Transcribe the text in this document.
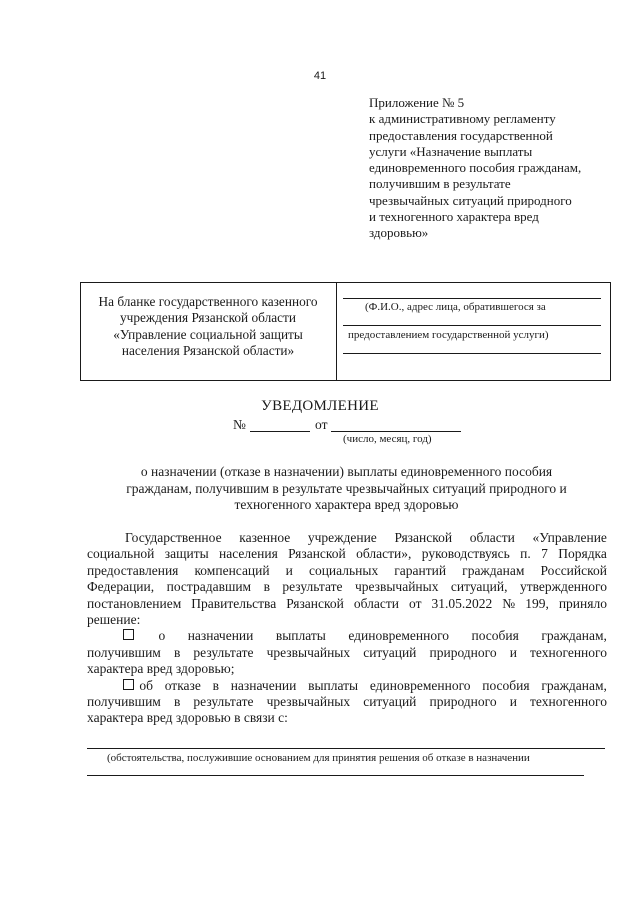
41
Приложение № 5
к административному регламенту
предоставления государственной
услуги «Назначение выплаты
единовременного пособия гражданам,
получившим в результате
чрезвычайных ситуаций природного
и техногенного характера вред
здоровью»
На бланке государственного казенного
учреждения Рязанской области
«Управление социальной защиты
населения Рязанской области»
(Ф.И.О., адрес лица, обратившегося за
предоставлением государственной услуги)
УВЕДОМЛЕНИЕ
№	от
(число, месяц, год)
о назначении (отказе в назначении) выплаты единовременного пособия
гражданам, получившим в результате чрезвычайных ситуаций природного и
техногенного характера вред здоровью
Государственное казенное учреждение Рязанской области «Управление
социальной защиты населения Рязанской области», руководствуясь п. 7 Порядка
предоставления компенсаций и социальных гарантий гражданам Российской
Федерации, пострадавшим в результате чрезвычайных ситуаций, утвержденного
постановлением Правительства Рязанской области от 31.05.2022 № 199, приняло
решение:
о назначении выплаты единовременного пособия гражданам,
получившим в результате чрезвычайных ситуаций природного и техногенного
характера вред здоровью;
об отказе в назначении выплаты единовременного пособия гражданам,
получившим в результате чрезвычайных ситуаций природного и техногенного
характера вред здоровью в связи с:
(обстоятельства, послужившие основанием для принятия решения об отказе в назначении
